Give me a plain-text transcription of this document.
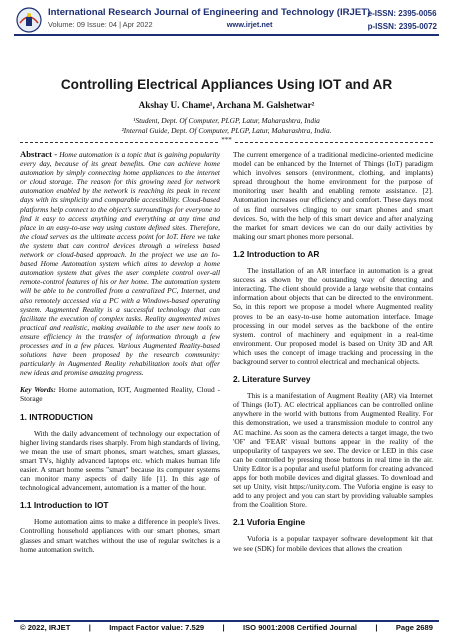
International Research Journal of Engineering and Technology (IRJET)
Volume: 09 Issue: 04 | Apr 2022	www.irjet.net
e-ISSN: 2395-0056
p-ISSN: 2395-0072
Controlling Electrical Appliances Using IOT and AR
Akshay U. Chame¹, Archana M. Galshetwar²
¹Student, Dept. Of Computer, PLGP, Latur, Maharashtra, India
²Internal Guide, Dept. Of Computer, PLGP, Latur, Maharashtra, India.
***

Abstract - Home automation is a topic that is gaining popularity every day, because of its great benefits. One can achieve home automation by simply connecting home appliances to the internet or cloud storage. The reason for this growing need for network automation enabled by the network is reaching its peak in recent days with its simplicity and comparable accessibility. Cloud-based platforms help connect to the object's surroundings for everyone to find it easy to access anything and everything at any time and place in an easy-to-use way using custom defined sites. Therefore, the cloud serves as the ultimate access point for IoT. Here we take the system that can control devices through a wireless based network or cloud-based approach. In the project we use an Io-based Home Automation system which aims to develop a home automation system that gives the user complete control over-all remote-control features of his or her home. The automation system will be able to be controlled from a centralized PC, Internet, and also remotely accessed via a PC with a Windows-based operating system. Augmented Reality is a successful technology that can facilitate the execution of complex tasks. Reality augmented mixes practical and realistic, making available to the user new tools to ensure efficiency in the transfer of information through a few processes and in a few places. Various Augmented Reality-based solutions have been proposed by the research community: particularly in Augmented Reality rehabilitation tools that offer new ideas and promise amazing progress.

Key Words: Home automation, IOT, Augmented Reality, Cloud - Storage

1. INTRODUCTION

With the daily advancement of technology our expectation of higher living standards rises sharply. From high standards of living, we mean the use of smart phones, smart watches, smart glasses, smart TVs, highly advanced laptops etc. which makes human life easier. A smart home seems "smart" because its computer systems can monitor many aspects of daily life [1]. In this age of technological advancement, automation is a matter of the hour.

1.1 Introduction to IOT

Home automation aims to make a difference in people's lives. Controlling household appliances with our smart phones, smart glasses and smart watches without the use of regular switches is a home automation switch.

The current emergence of a traditional medicine-oriented medicine model can be enhanced by the Internet of Things (IoT) paradigm which involves sensors (environment, clothing, and implants) spread throughout the home environment for the purpose of monitoring user health and enabling remote assistance. [2]. Automation increases our efficiency and comfort. These days most of us find ourselves clinging to our smart phones and smart devices. So, with the help of this smart device and after analyzing the market for smart devices we can do our daily activities by making our smart phones more personal.

1.2 Introduction to AR

The installation of an AR interface in automation is a great success as shown by the outstanding way of detecting and interacting. The client should provide a large website that contains information about objects that can be directed to the environment. So, in this report we propose a model where Augmented reality proves to be an easy-to-use home automation interface. Image processing in our model serves as the backbone of the entire system. control of machinery and equipment in a real-time environment. Our proposed model is based on Unity 3D and AR which uses the concept of image tracking and processing in the background server to control electrical and mechanical objects.

2. Literature Survey

This is a manifestation of Augment Reality (AR) via Internet of Things (IoT). AC electrical appliances can be controlled online anywhere in the world with buttons from Augmented Reality. For this demonstration, we used a transmission module to control any AC machine. As soon as the camera detects a target image, the two 'OF' and 'FEAR' visual buttons appear in the reality of the unpopularity of taxpayers we see. The device or LED in this case can be controlled by pressing those buttons in real time in the air. Unity Editor is a popular and useful platform for creating advanced apps for both mobile devices and digital glasses. To download and set up Unity, visit https://unity.com. The Vuforia engine is easy to add to any project and you can start by providing valuable samples from the Coalition Store.

2.1 Vuforia Engine

Vuforia is a popular taxpayer software development kit that we see (SDK) for mobile devices that allows the creation

© 2022, IRJET | Impact Factor value: 7.529 | ISO 9001:2008 Certified Journal | Page 2689
